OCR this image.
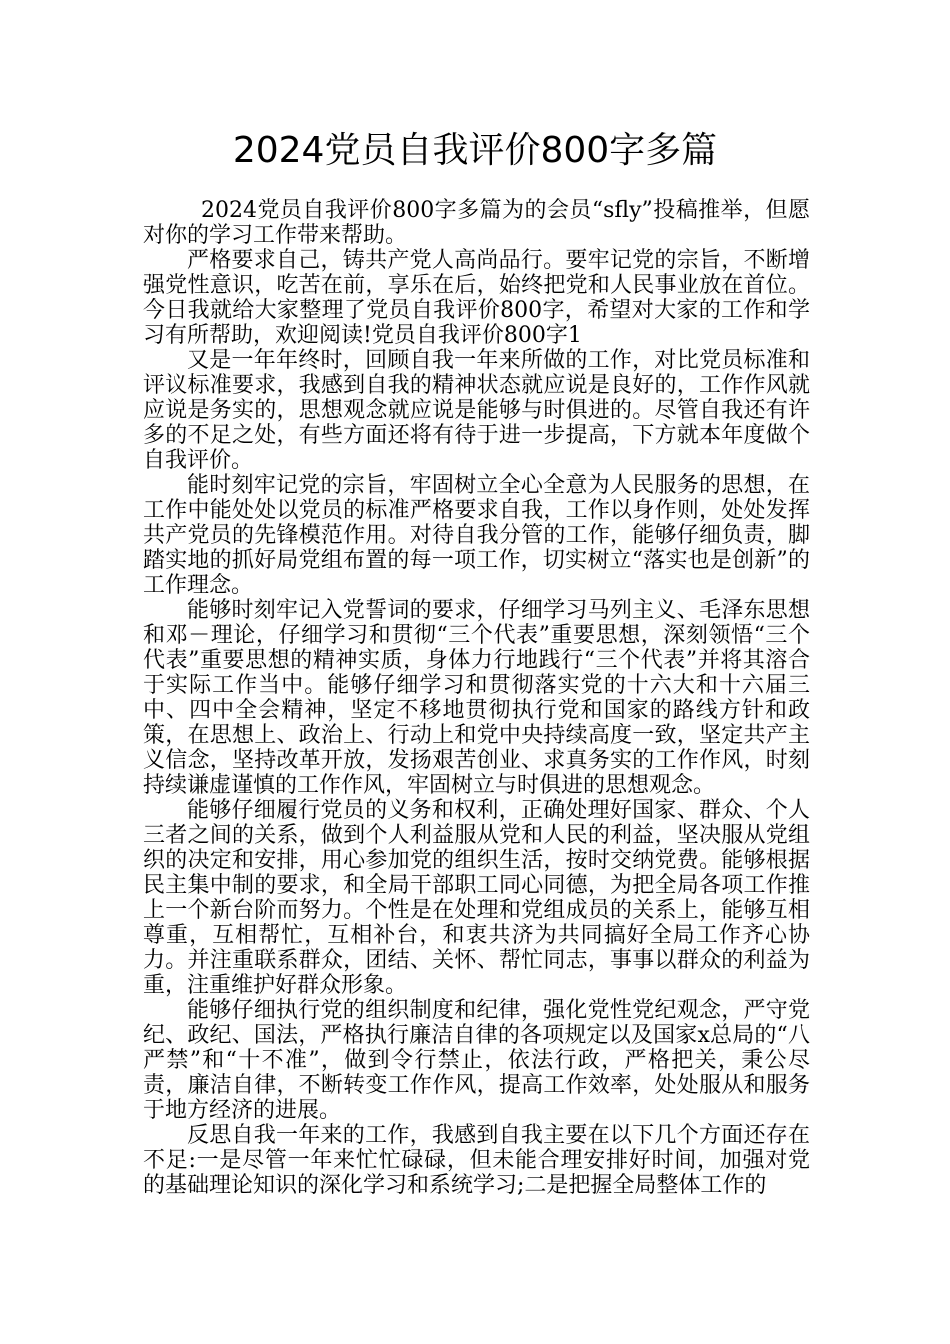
2024党员自我评价800字多篇

2024党员自我评价800字多篇为的会员“sfly”投稿推举，但愿对你的学习工作带来帮助。

严格要求自己，铸共产党人高尚品行。要牢记党的宗旨，不断增强党性意识，吃苦在前，享乐在后，始终把党和人民事业放在首位。今日我就给大家整理了党员自我评价800字，希望对大家的工作和学习有所帮助，欢迎阅读!党员自我评价800字1

又是一年年终时，回顾自我一年来所做的工作，对比党员标准和评议标准要求，我感到自我的精神状态就应说是良好的，工作作风就应说是务实的，思想观念就应说是能够与时俱进的。尽管自我还有许多的不足之处，有些方面还将有待于进一步提高，下方就本年度做个自我评价。

能时刻牢记党的宗旨，牢固树立全心全意为人民服务的思想，在工作中能处处以党员的标准严格要求自我，工作以身作则，处处发挥共产党员的先锋模范作用。对待自我分管的工作，能够仔细负责，脚踏实地的抓好局党组布置的每一项工作，切实树立“落实也是创新”的工作理念。

能够时刻牢记入党誓词的要求，仔细学习马列主义、毛泽东思想和邓－理论，仔细学习和贯彻“三个代表”重要思想，深刻领悟“三个代表”重要思想的精神实质，身体力行地践行“三个代表”并将其溶合于实际工作当中。能够仔细学习和贯彻落实党的十六大和十六届三中、四中全会精神，坚定不移地贯彻执行党和国家的路线方针和政策，在思想上、政治上、行动上和党中央持续高度一致，坚定共产主义信念，坚持改革开放，发扬艰苦创业、求真务实的工作作风，时刻持续谦虚谨慎的工作作风，牢固树立与时俱进的思想观念。

能够仔细履行党员的义务和权利，正确处理好国家、群众、个人三者之间的关系，做到个人利益服从党和人民的利益，坚决服从党组织的决定和安排，用心参加党的组织生活，按时交纳党费。能够根据民主集中制的要求，和全局干部职工同心同德，为把全局各项工作推上一个新台阶而努力。个性是在处理和党组成员的关系上，能够互相尊重，互相帮忙，互相补台，和衷共济为共同搞好全局工作齐心协力。并注重联系群众，团结、关怀、帮忙同志，事事以群众的利益为重，注重维护好群众形象。

能够仔细执行党的组织制度和纪律，强化党性党纪观念，严守党纪、政纪、国法，严格执行廉洁自律的各项规定以及国家x总局的“八严禁”和“十不准”，做到令行禁止，依法行政，严格把关，秉公尽责，廉洁自律，不断转变工作作风，提高工作效率，处处服从和服务于地方经济的进展。

反思自我一年来的工作，我感到自我主要在以下几个方面还存在不足:一是尽管一年来忙忙碌碌，但未能合理安排好时间，加强对党的基础理论知识的深化学习和系统学习;二是把握全局整体工作的
